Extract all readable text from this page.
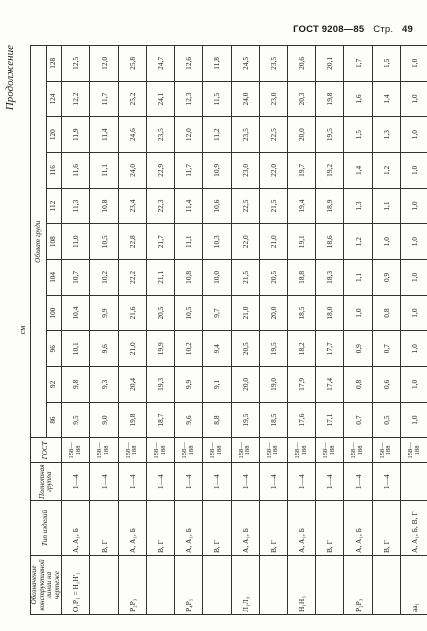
ГОСТ 9208—85 Стр. 49
Продолжение
см
Обозначение конструктивной линии на чертеже	Тип изделий	Полнотная группа	ГОСТ	Обхват груди										
				86	92	96	100	104	108	112	116	120	124	128
O₁P₁ = H₁H'₁	А, А₁, Б	1—4	158—188	9,5	9,8	10,1	10,4	10,7	11,0	11,3	11,6	11,9	12,2	12,5
	В, Г	1—4	158—188	9,0	9,3	9,6	9,9	10,2	10,5	10,8	11,1	11,4	11,7	12,0
P₂P₃	А, А₁, Б	1—4	158—188	19,8	20,4	21,0	21,6	22,2	22,8	23,4	24,0	24,6	25,2	25,8
	В, Г	1—4	158—188	18,7	19,3	19,9	20,5	21,1	21,7	22,3	22,9	23,5	24,1	24,7
P₄P₅	А, А₁, Б	1—4	158—188	9,6	9,9	10,2	10,5	10,8	11,1	11,4	11,7	12,0	12,3	12,6
	В, Г	1—4	158—188	8,8	9,1	9,4	9,7	10,0	10,3	10,6	10,9	11,2	11,5	11,8
Л₁Л₃	А, А₁, Б	1—4	158—188	19,5	20,0	20,5	21,0	21,5	22,0	22,5	23,0	23,5	24,0	24,5
	В, Г	1—4	158—188	18,5	19,0	19,5	20,0	20,5	21,0	21,5	22,0	22,5	23,0	23,5
H₁H₃	А, А₁, Б	1—4	158—188	17,6	17,9	18,2	18,5	18,8	19,1	19,4	19,7	20,0	20,3	20,6
	В, Г	1—4	158—188	17,1	17,4	17,7	18,0	18,3	18,6	18,9	19,2	19,5	19,8	20,1
P₂P₃	А, А₁, Б	1—4	158—188	0,7	0,8	0,9	1,0	1,1	1,2	1,3	1,4	1,5	1,6	1,7
	В, Г	1—4	158—188	0,5	0,6	0,7	0,8	0,9	1,0	1,1	1,2	1,3	1,4	1,5
aa₁	А, А₁, Б, В, Г		158—188	1,0	1,0	1,0	1,0	1,0	1,0	1,0	1,0	1,0	1,0	1,0
